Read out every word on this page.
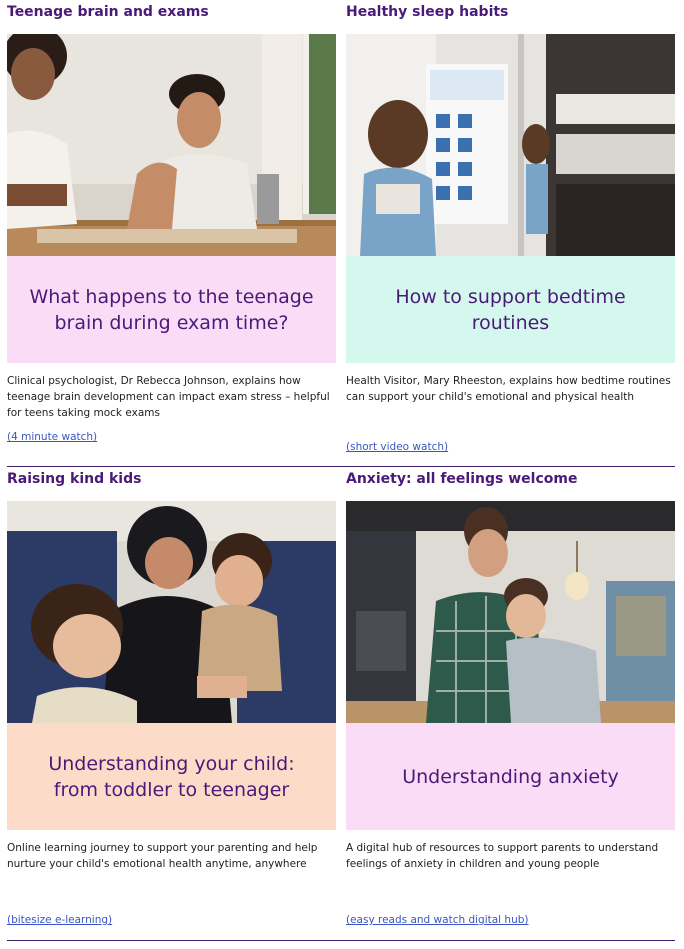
Teenage brain and exams
What happens to the teenage brain during exam time?
Clinical psychologist, Dr Rebecca Johnson, explains how teenage brain development can impact exam stress – helpful for teens taking mock exams
(4 minute watch)
Healthy sleep habits
How to support bedtime routines
Health Visitor, Mary Rheeston, explains how bedtime routines can support your child's emotional and physical health
(short video watch)
Raising kind kids
Understanding your child: from toddler to teenager
Online learning journey to support your parenting and help nurture your child's emotional health anytime, anywhere
(bitesize e-learning)
Anxiety: all feelings welcome
Understanding anxiety
A digital hub of resources to support parents to understand feelings of anxiety in children and young people
(easy reads and watch digital hub)
